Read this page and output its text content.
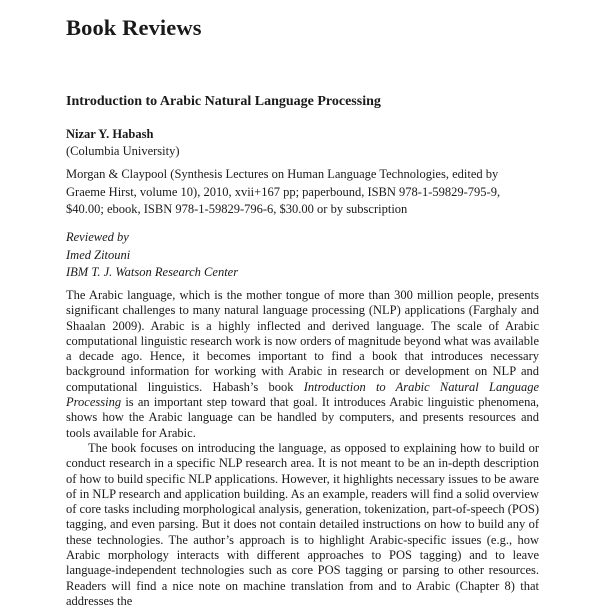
Book Reviews
Introduction to Arabic Natural Language Processing
Nizar Y. Habash
(Columbia University)
Morgan & Claypool (Synthesis Lectures on Human Language Technologies, edited by Graeme Hirst, volume 10), 2010, xvii+167 pp; paperbound, ISBN 978-1-59829-795-9, $40.00; ebook, ISBN 978-1-59829-796-6, $30.00 or by subscription
Reviewed by
Imed Zitouni
IBM T. J. Watson Research Center

The Arabic language, which is the mother tongue of more than 300 million people, presents significant challenges to many natural language processing (NLP) applications (Farghaly and Shaalan 2009). Arabic is a highly inflected and derived language. The scale of Arabic computational linguistic research work is now orders of magnitude beyond what was available a decade ago. Hence, it becomes important to find a book that introduces necessary background information for working with Arabic in research or development on NLP and computational linguistics. Habash’s book Introduction to Arabic Natural Language Processing is an important step toward that goal. It introduces Arabic linguistic phenomena, shows how the Arabic language can be handled by computers, and presents resources and tools available for Arabic.

The book focuses on introducing the language, as opposed to explaining how to build or conduct research in a specific NLP research area. It is not meant to be an in-depth description of how to build specific NLP applications. However, it highlights necessary issues to be aware of in NLP research and application building. As an example, readers will find a solid overview of core tasks including morphological analysis, generation, tokenization, part-of-speech (POS) tagging, and even parsing. But it does not contain detailed instructions on how to build any of these technologies. The author’s approach is to highlight Arabic-specific issues (e.g., how Arabic morphology interacts with different approaches to POS tagging) and to leave language-independent technologies such as core POS tagging or parsing to other resources. Readers will find a nice note on machine translation from and to Arabic (Chapter 8) that addresses the
